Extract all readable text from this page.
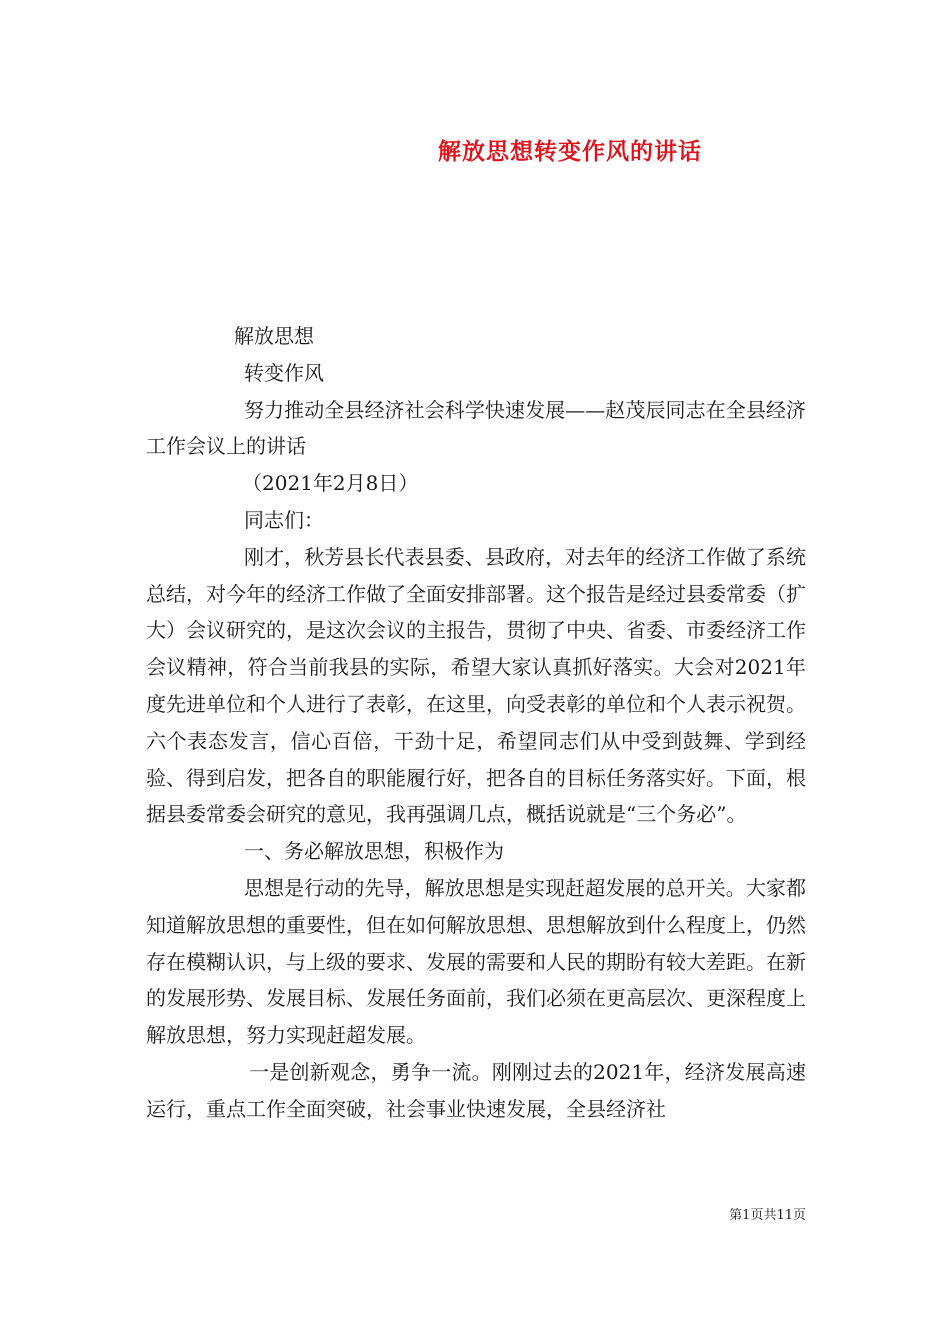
解放思想转变作风的讲话

解放思想

转变作风

努力推动全县经济社会科学快速发展——赵茂辰同志在全县经济工作会议上的讲话

（2021年2月8日）

同志们：

刚才，秋芳县长代表县委、县政府，对去年的经济工作做了系统总结，对今年的经济工作做了全面安排部署。这个报告是经过县委常委（扩大）会议研究的，是这次会议的主报告，贯彻了中央、省委、市委经济工作会议精神，符合当前我县的实际，希望大家认真抓好落实。大会对2021年度先进单位和个人进行了表彰，在这里，向受表彰的单位和个人表示祝贺。六个表态发言，信心百倍，干劲十足，希望同志们从中受到鼓舞、学到经验、得到启发，把各自的职能履行好，把各自的目标任务落实好。下面，根据县委常委会研究的意见，我再强调几点，概括说就是“三个务必”。

一、务必解放思想，积极作为

思想是行动的先导，解放思想是实现赶超发展的总开关。大家都知道解放思想的重要性，但在如何解放思想、思想解放到什么程度上，仍然存在模糊认识，与上级的要求、发展的需要和人民的期盼有较大差距。在新的发展形势、发展目标、发展任务面前，我们必须在更高层次、更深程度上解放思想，努力实现赶超发展。

一是创新观念，勇争一流。刚刚过去的2021年，经济发展高速运行，重点工作全面突破，社会事业快速发展，全县经济社

第1页共11页
